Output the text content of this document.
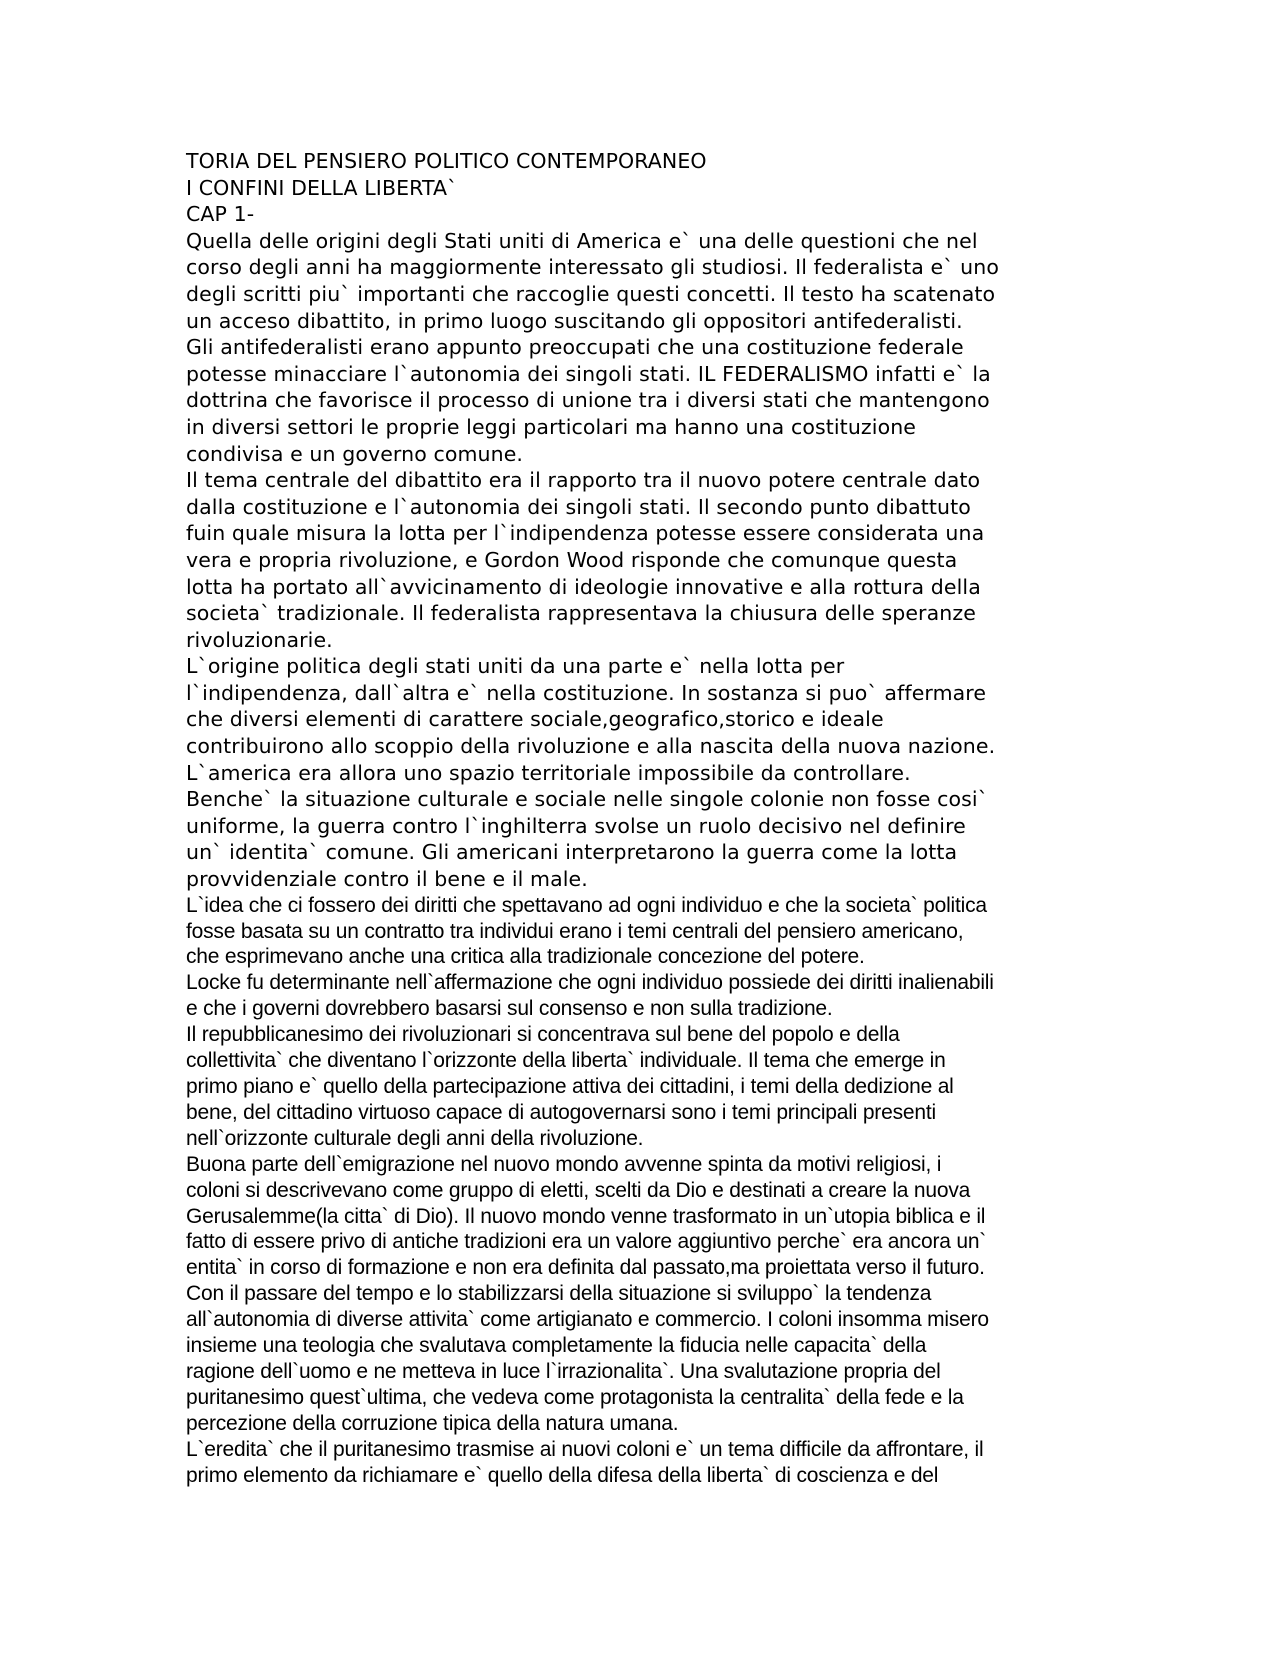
TORIA DEL PENSIERO POLITICO CONTEMPORANEO
I CONFINI DELLA LIBERTA`
CAP 1-
Quella delle origini degli Stati uniti di America e` una delle questioni che nel
corso degli anni ha maggiormente interessato gli studiosi. Il federalista e` uno
degli scritti piu` importanti che raccoglie questi concetti. Il testo ha scatenato
un acceso dibattito, in primo luogo suscitando gli oppositori antifederalisti.
Gli antifederalisti erano appunto preoccupati che una costituzione federale
potesse minacciare l`autonomia dei singoli stati. IL FEDERALISMO infatti e` la
dottrina che favorisce il processo di unione tra i diversi stati che mantengono
in diversi settori le proprie leggi particolari ma hanno una costituzione
condivisa e un governo comune.
Il tema centrale del dibattito era il rapporto tra il nuovo potere centrale dato
dalla costituzione e l`autonomia dei singoli stati. Il secondo punto dibattuto
fuin quale misura la lotta per l`indipendenza potesse essere considerata una
vera e propria rivoluzione, e Gordon Wood risponde che comunque questa
lotta ha portato all`avvicinamento di ideologie innovative e alla rottura della
societa` tradizionale. Il federalista rappresentava la chiusura delle speranze
rivoluzionarie.
L`origine politica degli stati uniti da una parte e` nella lotta per
l`indipendenza, dall`altra e` nella costituzione. In sostanza si puo` affermare
che diversi elementi di carattere sociale,geografico,storico e ideale
contribuirono allo scoppio della rivoluzione e alla nascita della nuova nazione.
L`america era allora uno spazio territoriale impossibile da controllare.
Benche` la situazione culturale e sociale nelle singole colonie non fosse cosi`
uniforme, la guerra contro l`inghilterra svolse un ruolo decisivo nel definire
un` identita` comune. Gli americani interpretarono la guerra come la lotta
provvidenziale contro il bene e il male.
L`idea che ci fossero dei diritti che spettavano ad ogni individuo e che la societa` politica
fosse basata su un contratto tra individui erano i temi centrali del pensiero americano,
che esprimevano anche una critica alla tradizionale concezione del potere.
Locke fu determinante nell`affermazione che ogni individuo possiede dei diritti inalienabili
e che i governi dovrebbero basarsi sul consenso e non sulla tradizione.
Il repubblicanesimo dei rivoluzionari si concentrava sul bene del popolo e della
collettivita` che diventano l`orizzonte della liberta` individuale. Il tema che emerge in
primo piano e` quello della partecipazione attiva dei cittadini, i temi della dedizione al
bene, del cittadino virtuoso capace di autogovernarsi sono i temi principali presenti
nell`orizzonte culturale degli anni della rivoluzione.
Buona parte dell`emigrazione nel nuovo mondo avvenne spinta da motivi religiosi, i
coloni si descrivevano come gruppo di eletti, scelti da Dio e destinati a creare la nuova
Gerusalemme(la citta` di Dio). Il nuovo mondo venne trasformato in un`utopia biblica e il
fatto di essere privo di antiche tradizioni era un valore aggiuntivo perche` era ancora un`
entita` in corso di formazione e non era definita dal passato,ma proiettata verso il futuro.
Con il passare del tempo e lo stabilizzarsi della situazione si sviluppo` la tendenza
all`autonomia di diverse attivita` come artigianato e commercio. I coloni insomma misero
insieme una teologia che svalutava completamente la fiducia nelle capacita` della
ragione dell`uomo e ne metteva in luce l`irrazionalita`. Una svalutazione propria del
puritanesimo quest`ultima, che vedeva come protagonista la centralita` della fede e la
percezione della corruzione tipica della natura umana.
L`eredita` che il puritanesimo trasmise ai nuovi coloni e` un tema difficile da affrontare, il
primo elemento da richiamare e` quello della difesa della liberta` di coscienza e del
